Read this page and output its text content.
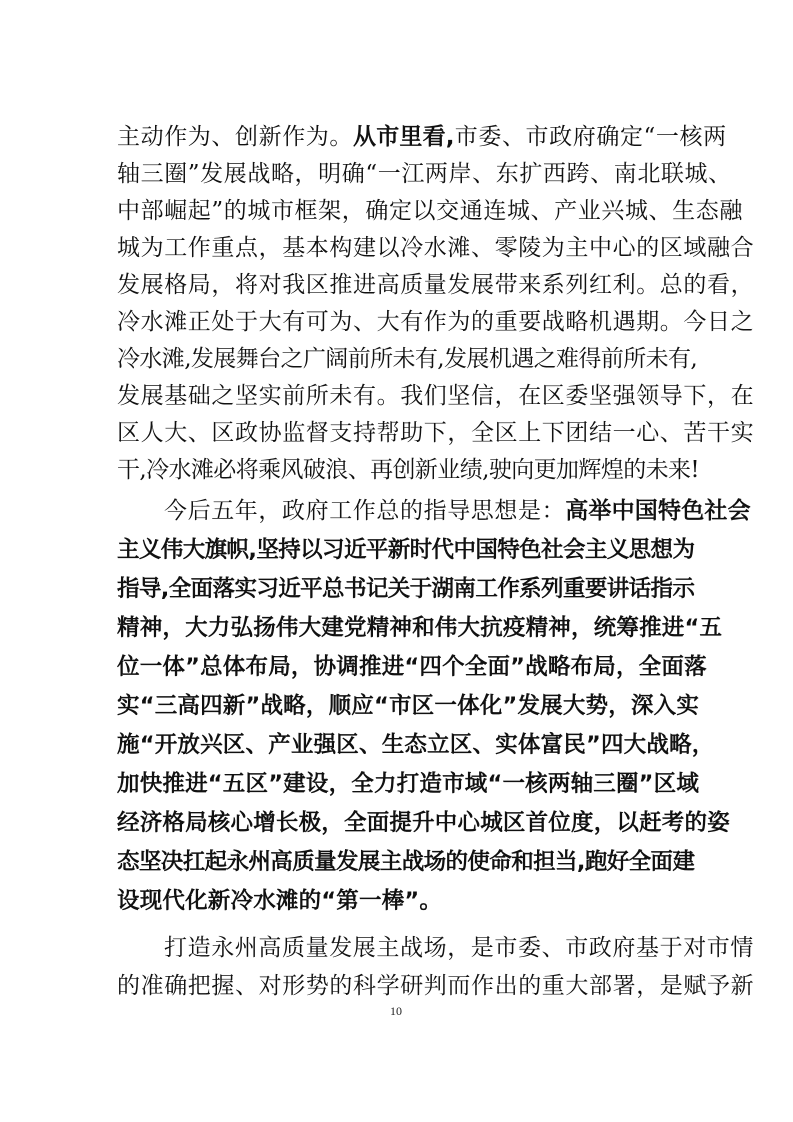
主动作为、创新作为。从市里看,市委、市政府确定“一核两
轴三圈”发展战略，明确“一江两岸、东扩西跨、南北联城、
中部崛起”的城市框架，确定以交通连城、产业兴城、生态融
城为工作重点，基本构建以冷水滩、零陵为主中心的区域融合
发展格局，将对我区推进高质量发展带来系列红利。总的看，
冷水滩正处于大有可为、大有作为的重要战略机遇期。今日之
冷水滩,发展舞台之广阔前所未有,发展机遇之难得前所未有,
发展基础之坚实前所未有。我们坚信，在区委坚强领导下，在
区人大、区政协监督支持帮助下，全区上下团结一心、苦干实
干,冷水滩必将乘风破浪、再创新业绩,驶向更加辉煌的未来!
今后五年，政府工作总的指导思想是：高举中国特色社会
主义伟大旗帜,坚持以习近平新时代中国特色社会主义思想为
指导,全面落实习近平总书记关于湖南工作系列重要讲话指示
精神，大力弘扬伟大建党精神和伟大抗疫精神，统筹推进“五
位一体”总体布局，协调推进“四个全面”战略布局，全面落
实“三高四新”战略，顺应“市区一体化”发展大势，深入实
施“开放兴区、产业强区、生态立区、实体富民”四大战略，
加快推进“五区”建设，全力打造市域“一核两轴三圈”区域
经济格局核心增长极，全面提升中心城区首位度，以赶考的姿
态坚决扛起永州高质量发展主战场的使命和担当,跑好全面建
设现代化新冷水滩的“第一棒”。
打造永州高质量发展主战场，是市委、市政府基于对市情
的准确把握、对形势的科学研判而作出的重大部署，是赋予新
10
